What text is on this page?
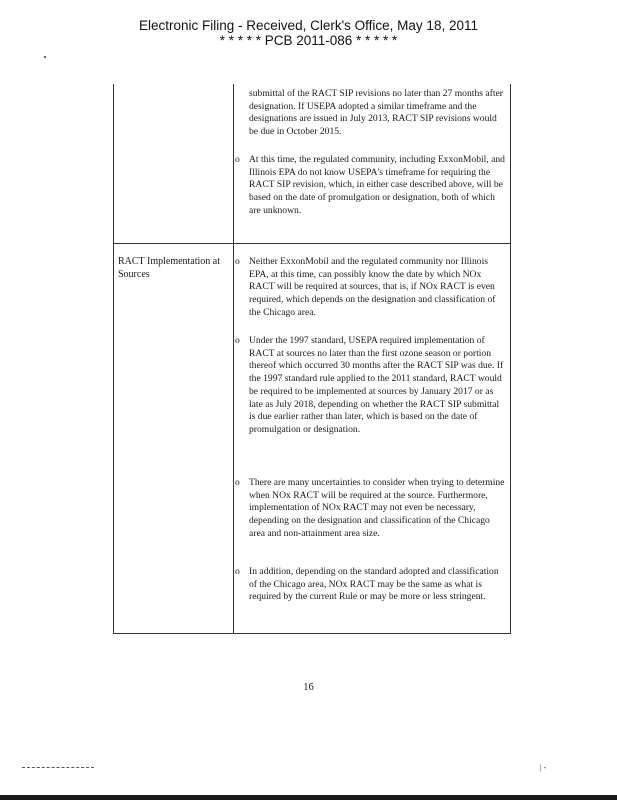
Electronic Filing - Received, Clerk's Office, May 18, 2011
* * * * * PCB 2011-086 * * * * *
submittal of the RACT SIP revisions no later than 27 months after designation. If USEPA adopted a similar timeframe and the designations are issued in July 2013, RACT SIP revisions would be due in October 2015.
o At this time, the regulated community, including ExxonMobil, and Illinois EPA do not know USEPA's timeframe for requiring the RACT SIP revision, which, in either case described above, will be based on the date of promulgation or designation, both of which are unknown.
RACT Implementation at Sources
o Neither ExxonMobil and the regulated community nor Illinois EPA, at this time, can possibly know the date by which NOx RACT will be required at sources, that is, if NOx RACT is even required, which depends on the designation and classification of the Chicago area.
o Under the 1997 standard, USEPA required implementation of RACT at sources no later than the first ozone season or portion thereof which occurred 30 months after the RACT SIP was due. If the 1997 standard rule applied to the 2011 standard, RACT would be required to be implemented at sources by January 2017 or as late as July 2018, depending on whether the RACT SIP submittal is due earlier rather than later, which is based on the date of promulgation or designation.
o There are many uncertainties to consider when trying to determine when NOx RACT will be required at the source. Furthermore, implementation of NOx RACT may not even be necessary, depending on the designation and classification of the Chicago area and non-attainment area size.
o In addition, depending on the standard adopted and classification of the Chicago area, NOx RACT may be the same as what is required by the current Rule or may be more or less stringent.
16
| -
